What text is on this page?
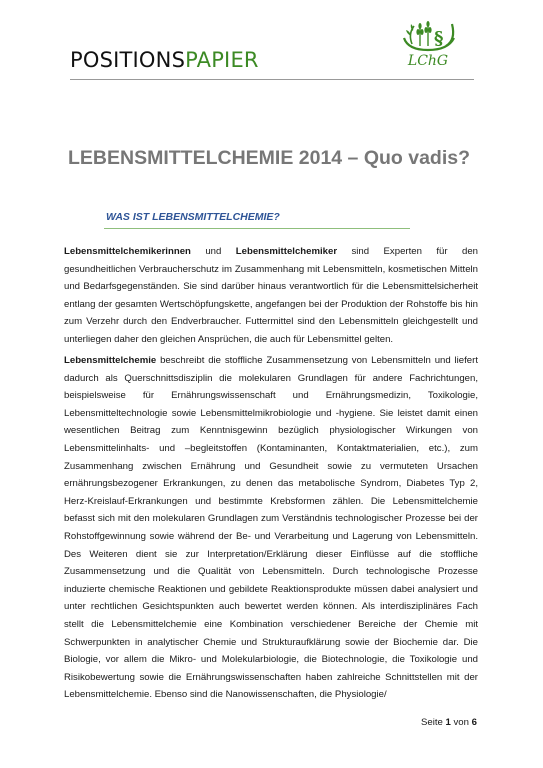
POSITIONSPAPIER
§
LChG
LEBENSMITTELCHEMIE 2014 – Quo vadis?
WAS IST LEBENSMITTELCHEMIE?

Lebensmittelchemikerinnen und Lebensmittelchemiker sind Experten für den gesundheitlichen Verbraucherschutz im Zusammenhang mit Lebensmitteln, kosmetischen Mitteln und Bedarfsgegenständen. Sie sind darüber hinaus verantwortlich für die Lebensmittelsicherheit entlang der gesamten Wertschöpfungskette, angefangen bei der Produktion der Rohstoffe bis hin zum Verzehr durch den Endverbraucher. Futtermittel sind den Lebensmitteln gleichgestellt und unterliegen daher den gleichen Ansprüchen, die auch für Lebensmittel gelten.

Lebensmittelchemie beschreibt die stoffliche Zusammensetzung von Lebensmitteln und liefert dadurch als Querschnittsdisziplin die molekularen Grundlagen für andere Fachrichtungen, beispielsweise für Ernährungswissenschaft und Ernährungsmedizin, Toxikologie, Lebensmitteltechnologie sowie Lebensmittelmikrobiologie und -hygiene. Sie leistet damit einen wesentlichen Beitrag zum Kenntnisgewinn bezüglich physiologischer Wirkungen von Lebensmittelinhalts- und –begleitstoffen (Kontaminanten, Kontaktmaterialien, etc.), zum Zusammenhang zwischen Ernährung und Gesundheit sowie zu vermuteten Ursachen ernährungsbezogener Erkrankungen, zu denen das metabolische Syndrom, Diabetes Typ 2, Herz-Kreislauf-Erkrankungen und bestimmte Krebsformen zählen. Die Lebensmittelchemie befasst sich mit den molekularen Grundlagen zum Verständnis technologischer Prozesse bei der Rohstoffgewinnung sowie während der Be- und Verarbeitung und Lagerung von Lebensmitteln. Des Weiteren dient sie zur Interpretation/Erklärung dieser Einflüsse auf die stoffliche Zusammensetzung und die Qualität von Lebensmitteln. Durch technologische Prozesse induzierte chemische Reaktionen und gebildete Reaktionsprodukte müssen dabei analysiert und unter rechtlichen Gesichtspunkten auch bewertet werden können. Als interdisziplinäres Fach stellt die Lebensmittelchemie eine Kombination verschiedener Bereiche der Chemie mit Schwerpunkten in analytischer Chemie und Strukturaufklärung sowie der Biochemie dar. Die Biologie, vor allem die Mikro- und Molekularbiologie, die Biotechnologie, die Toxikologie und Risikobewertung sowie die Ernährungswissenschaften haben zahlreiche Schnittstellen mit der Lebensmittelchemie. Ebenso sind die Nanowissenschaften, die Physiologie/

Seite 1 von 6
